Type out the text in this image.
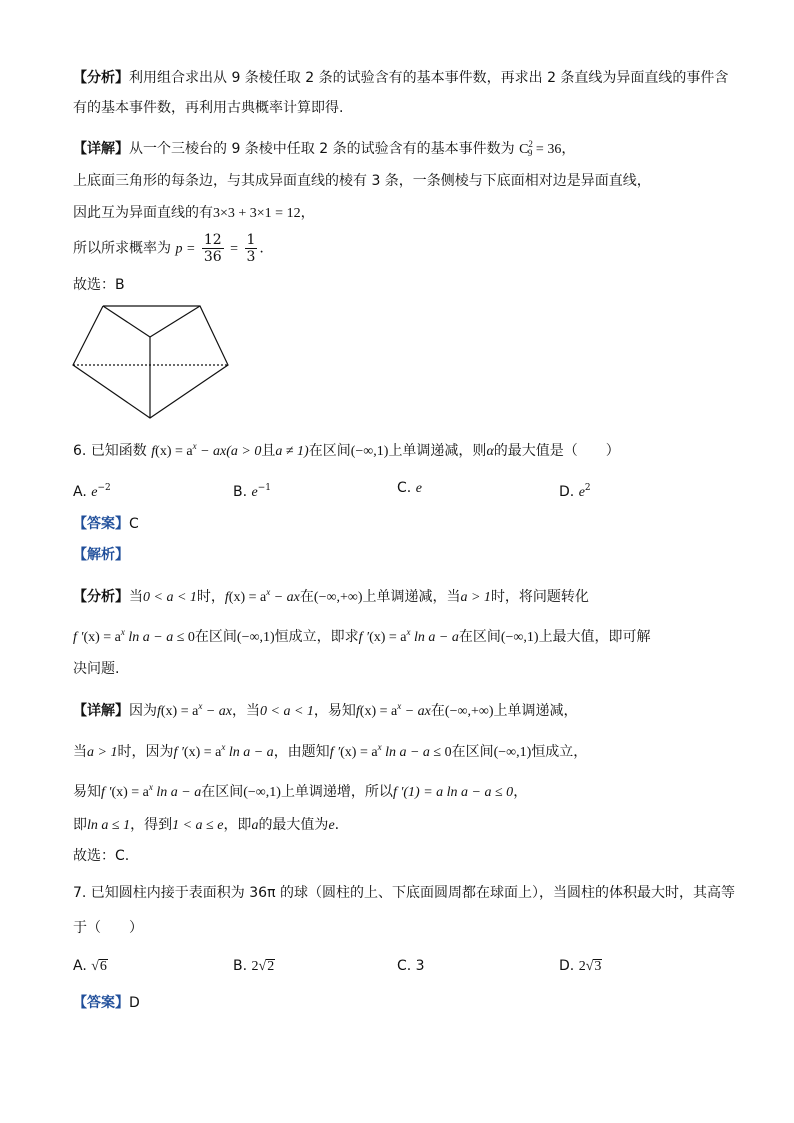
【分析】利用组合求出从 9 条棱任取 2 条的试验含有的基本事件数，再求出 2 条直线为异面直线的事件含
有的基本事件数，再利用古典概率计算即得.
【详解】从一个三棱台的 9 条棱中任取 2 条的试验含有的基本事件数为 $C^2_9 = 36$，
上底面三角形的每条边，与其成异面直线的棱有 3 条，一条侧棱与下底面相对边是异面直线，
因此互为异面直线的有3×3 + 3×1 = 12，
所以所求概率为 $p = \frac{12}{36} = \frac{1}{3}$ .
故选：B
6. 已知函数 $f(x) = a^x - ax(a > 0$且a ≠ 1)在区间(−∞,1)上单调递减，则α的最大值是（　　）
A. $e^{-2}$	B. $e^{-1}$	C. e	D. $e^2$
【答案】C
【解析】
【分析】当0 < a < 1时，$f(x) = a^x$ − ax在(−∞,+∞)上单调递减，当a > 1时，将问题转化
f $'(x) = a^x$ ln a − a ≤ 0在区间(−∞,1)恒成立，即求f $'(x) = a^x$ ln a − a在区间(−∞,1)上最大值，即可解
决问题.
【详解】因为$f(x) = a^x$ − ax，当0 < a < 1，易知$f(x) = a^x$ − ax在(−∞,+∞)上单调递减，
当a > 1时，因为f $'(x) = a^x$ ln a − a，由题知f $'(x) = a^x$ ln a − a ≤ 0在区间(−∞,1)恒成立，
易知f $'(x) = a^x$ ln a − a在区间(−∞,1)上单调递增，所以f ′(1) = a ln a − a ≤ 0，
即ln a ≤ 1，得到1 < a ≤ e，即a的最大值为e.
故选：C.
7. 已知圆柱内接于表面积为 36π 的球（圆柱的上、下底面圆周都在球面上），当圆柱的体积最大时，其高等
于（　　）
A. √6	B. 2√2	C. 3	D. 2√3
【答案】D
